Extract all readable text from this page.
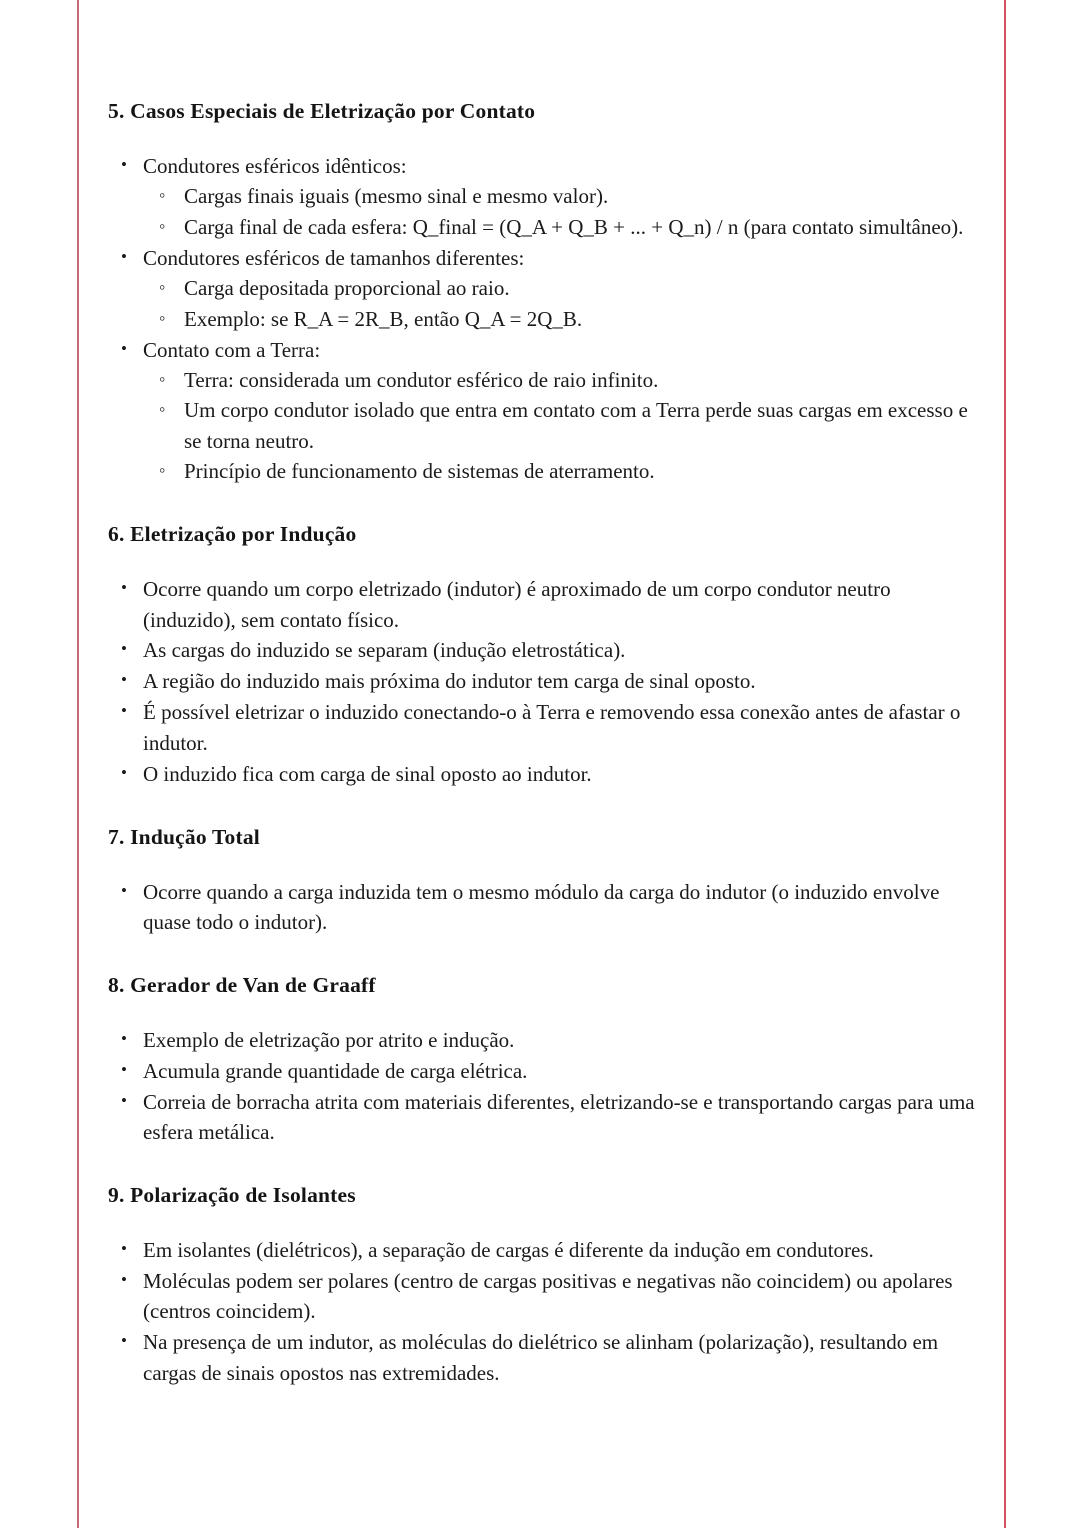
5. Casos Especiais de Eletrização por Contato
• Condutores esféricos idênticos:
◦ Cargas finais iguais (mesmo sinal e mesmo valor).
◦ Carga final de cada esfera: Q_final = (Q_A + Q_B + ... + Q_n) / n (para contato simultâneo).
• Condutores esféricos de tamanhos diferentes:
◦ Carga depositada proporcional ao raio.
◦ Exemplo: se R_A = 2R_B, então Q_A = 2Q_B.
• Contato com a Terra:
◦ Terra: considerada um condutor esférico de raio infinito.
◦ Um corpo condutor isolado que entra em contato com a Terra perde suas cargas em excesso e se torna neutro.
◦ Princípio de funcionamento de sistemas de aterramento.
6. Eletrização por Indução
• Ocorre quando um corpo eletrizado (indutor) é aproximado de um corpo condutor neutro (induzido), sem contato físico.
• As cargas do induzido se separam (indução eletrostática).
• A região do induzido mais próxima do indutor tem carga de sinal oposto.
• É possível eletrizar o induzido conectando-o à Terra e removendo essa conexão antes de afastar o indutor.
• O induzido fica com carga de sinal oposto ao indutor.
7. Indução Total
• Ocorre quando a carga induzida tem o mesmo módulo da carga do indutor (o induzido envolve quase todo o indutor).
8. Gerador de Van de Graaff
• Exemplo de eletrização por atrito e indução.
• Acumula grande quantidade de carga elétrica.
• Correia de borracha atrita com materiais diferentes, eletrizando-se e transportando cargas para uma esfera metálica.
9. Polarização de Isolantes
• Em isolantes (dielétricos), a separação de cargas é diferente da indução em condutores.
• Moléculas podem ser polares (centro de cargas positivas e negativas não coincidem) ou apolares (centros coincidem).
• Na presença de um indutor, as moléculas do dielétrico se alinham (polarização), resultando em cargas de sinais opostos nas extremidades.
